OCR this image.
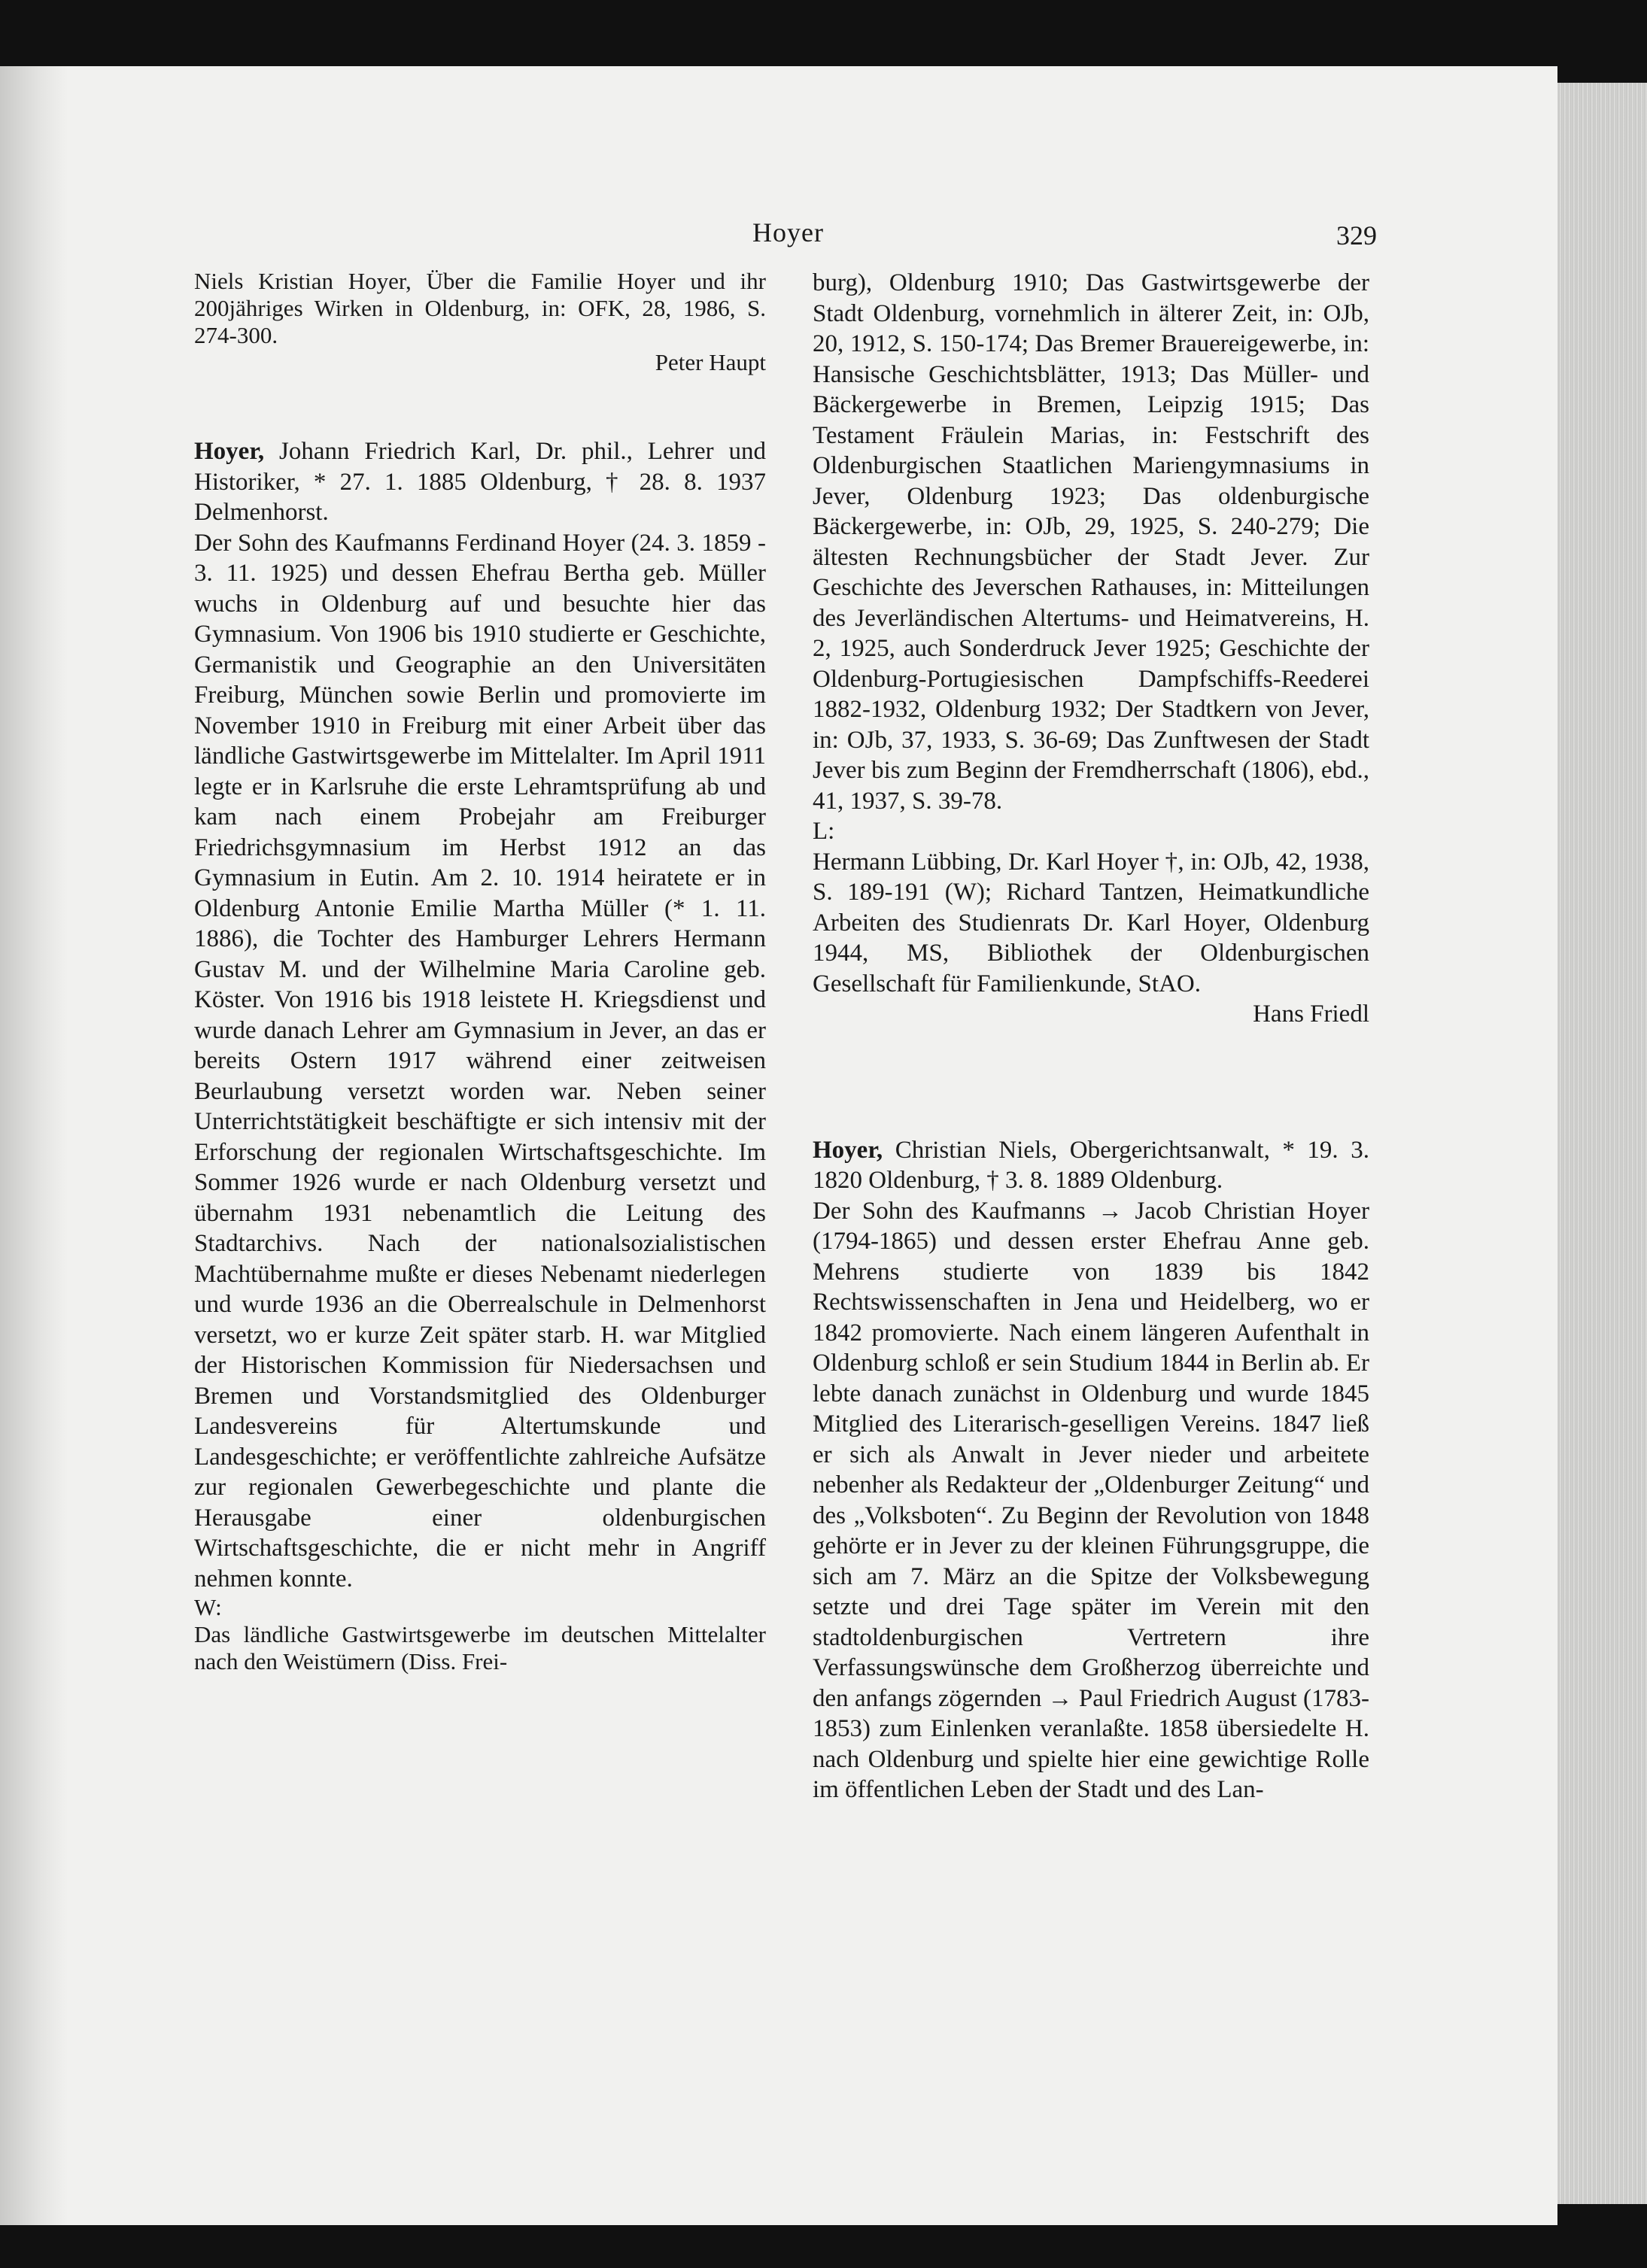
Hoyer	329

Niels Kristian Hoyer, Über die Familie Hoyer und ihr 200jähriges Wirken in Oldenburg, in: OFK, 28, 1986, S. 274-300.

Peter Haupt

Hoyer, Johann Friedrich Karl, Dr. phil., Lehrer und Historiker, * 27. 1. 1885 Oldenburg, † 28. 8. 1937 Delmenhorst.

Der Sohn des Kaufmanns Ferdinand Hoyer (24. 3. 1859 - 3. 11. 1925) und dessen Ehefrau Bertha geb. Müller wuchs in Oldenburg auf und besuchte hier das Gymnasium. Von 1906 bis 1910 studierte er Geschichte, Germanistik und Geographie an den Universitäten Freiburg, München sowie Berlin und promovierte im November 1910 in Freiburg mit einer Arbeit über das ländliche Gastwirtsgewerbe im Mittelalter. Im April 1911 legte er in Karlsruhe die erste Lehramtsprüfung ab und kam nach einem Probejahr am Freiburger Friedrichsgymnasium im Herbst 1912 an das Gymnasium in Eutin. Am 2. 10. 1914 heiratete er in Oldenburg Antonie Emilie Martha Müller (* 1. 11. 1886), die Tochter des Hamburger Lehrers Hermann Gustav M. und der Wilhelmine Maria Caroline geb. Köster. Von 1916 bis 1918 leistete H. Kriegsdienst und wurde danach Lehrer am Gymnasium in Jever, an das er bereits Ostern 1917 während einer zeitweisen Beurlaubung versetzt worden war. Neben seiner Unterrichtstätigkeit beschäftigte er sich intensiv mit der Erforschung der regionalen Wirtschaftsgeschichte. Im Sommer 1926 wurde er nach Oldenburg versetzt und übernahm 1931 nebenamtlich die Leitung des Stadtarchivs. Nach der nationalsozialistischen Machtübernahme mußte er dieses Nebenamt niederlegen und wurde 1936 an die Oberrealschule in Delmenhorst versetzt, wo er kurze Zeit später starb. H. war Mitglied der Historischen Kommission für Niedersachsen und Bremen und Vorstandsmitglied des Oldenburger Landesvereins für Altertumskunde und Landesgeschichte; er veröffentlichte zahlreiche Aufsätze zur regionalen Gewerbegeschichte und plante die Herausgabe einer oldenburgischen Wirtschaftsgeschichte, die er nicht mehr in Angriff nehmen konnte.

W:

Das ländliche Gastwirtsgewerbe im deutschen Mittelalter nach den Weistümern (Diss. Frei-

burg), Oldenburg 1910; Das Gastwirtsgewerbe der Stadt Oldenburg, vornehmlich in älterer Zeit, in: OJb, 20, 1912, S. 150-174; Das Bremer Brauereigewerbe, in: Hansische Geschichtsblätter, 1913; Das Müller- und Bäckergewerbe in Bremen, Leipzig 1915; Das Testament Fräulein Marias, in: Festschrift des Oldenburgischen Staatlichen Mariengymnasiums in Jever, Oldenburg 1923; Das oldenburgische Bäckergewerbe, in: OJb, 29, 1925, S. 240-279; Die ältesten Rechnungsbücher der Stadt Jever. Zur Geschichte des Jeverschen Rathauses, in: Mitteilungen des Jeverländischen Altertums- und Heimatvereins, H. 2, 1925, auch Sonderdruck Jever 1925; Geschichte der Oldenburg-Portugiesischen Dampfschiffs-Reederei 1882-1932, Oldenburg 1932; Der Stadtkern von Jever, in: OJb, 37, 1933, S. 36-69; Das Zunftwesen der Stadt Jever bis zum Beginn der Fremdherrschaft (1806), ebd., 41, 1937, S. 39-78.

L:

Hermann Lübbing, Dr. Karl Hoyer †, in: OJb, 42, 1938, S. 189-191 (W); Richard Tantzen, Heimatkundliche Arbeiten des Studienrats Dr. Karl Hoyer, Oldenburg 1944, MS, Bibliothek der Oldenburgischen Gesellschaft für Familienkunde, StAO.

Hans Friedl

Hoyer, Christian Niels, Obergerichtsanwalt, * 19. 3. 1820 Oldenburg, † 3. 8. 1889 Oldenburg.

Der Sohn des Kaufmanns → Jacob Christian Hoyer (1794-1865) und dessen erster Ehefrau Anne geb. Mehrens studierte von 1839 bis 1842 Rechtswissenschaften in Jena und Heidelberg, wo er 1842 promovierte. Nach einem längeren Aufenthalt in Oldenburg schloß er sein Studium 1844 in Berlin ab. Er lebte danach zunächst in Oldenburg und wurde 1845 Mitglied des Literarisch-geselligen Vereins. 1847 ließ er sich als Anwalt in Jever nieder und arbeitete nebenher als Redakteur der „Oldenburger Zeitung“ und des „Volksboten“. Zu Beginn der Revolution von 1848 gehörte er in Jever zu der kleinen Führungsgruppe, die sich am 7. März an die Spitze der Volksbewegung setzte und drei Tage später im Verein mit den stadtoldenburgischen Vertretern ihre Verfassungswünsche dem Großherzog überreichte und den anfangs zögernden → Paul Friedrich August (1783-1853) zum Einlenken veranlaßte. 1858 übersiedelte H. nach Oldenburg und spielte hier eine gewichtige Rolle im öffentlichen Leben der Stadt und des Lan-
